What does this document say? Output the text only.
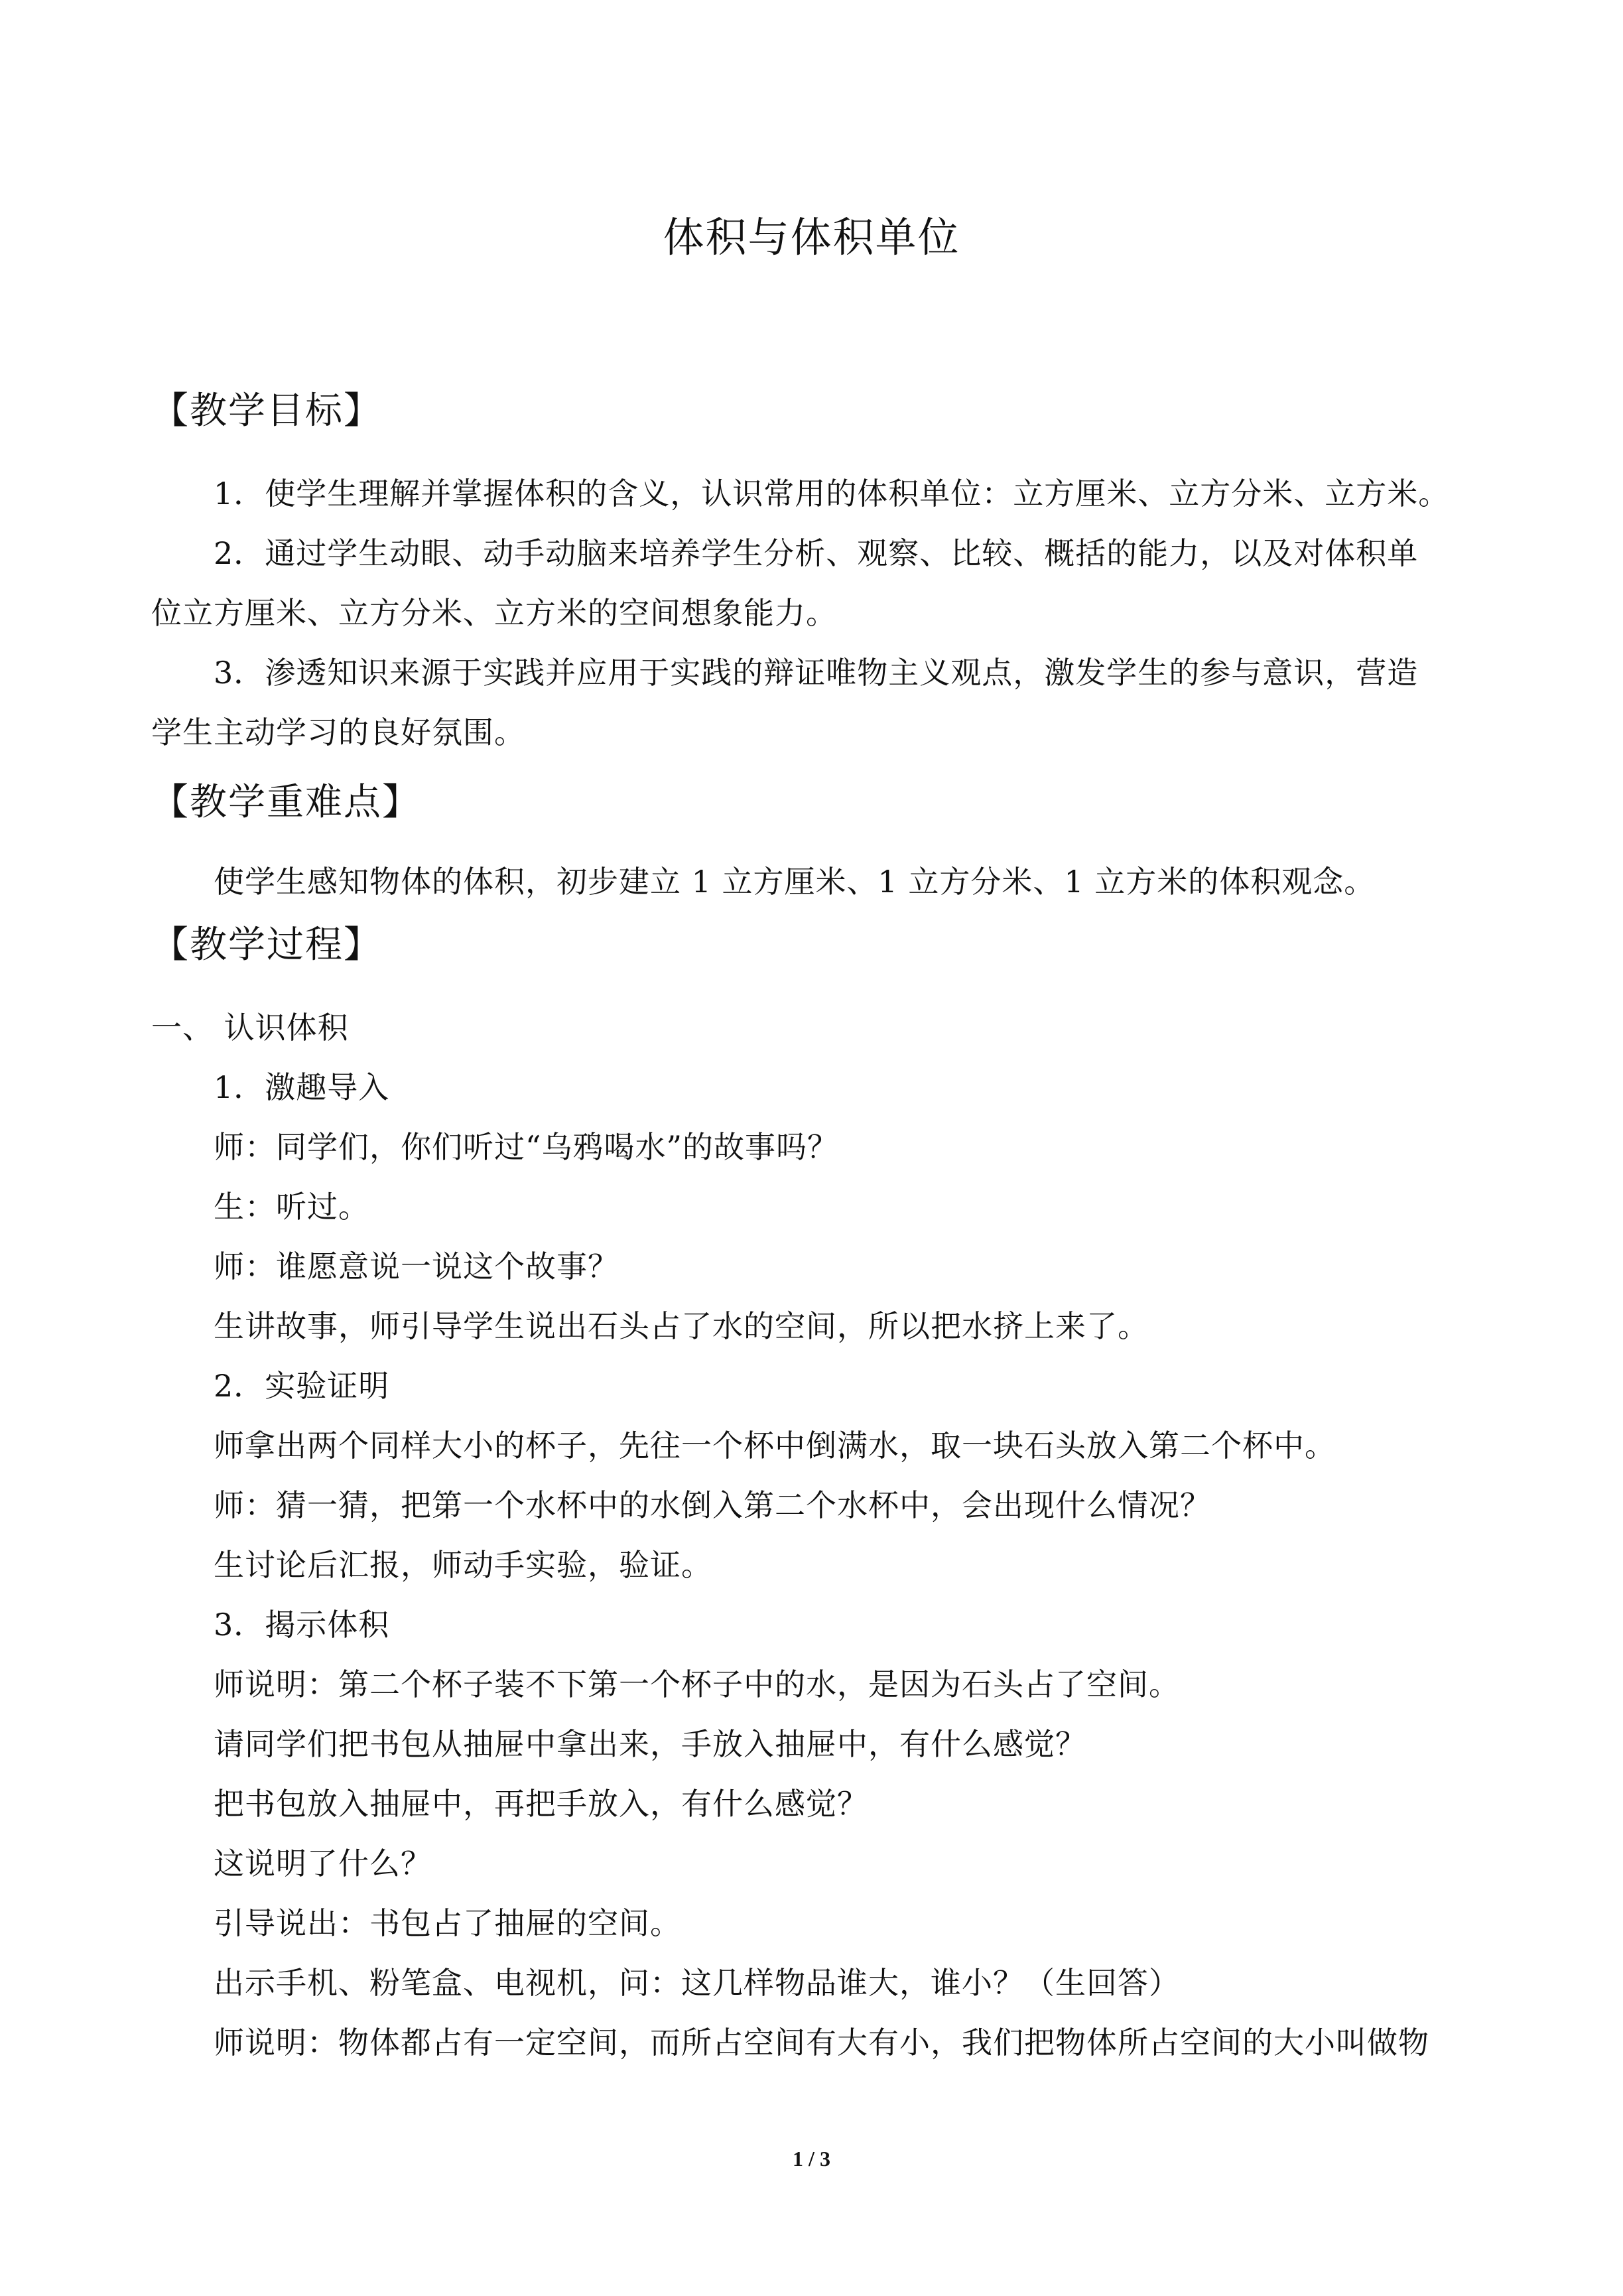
体积与体积单位
【教学目标】
1．使学生理解并掌握体积的含义，认识常用的体积单位：立方厘米、立方分米、立方米。
2．通过学生动眼、动手动脑来培养学生分析、观察、比较、概括的能力，以及对体积单
位立方厘米、立方分米、立方米的空间想象能力。
3．渗透知识来源于实践并应用于实践的辩证唯物主义观点，激发学生的参与意识，营造
学生主动学习的良好氛围。
【教学重难点】
使学生感知物体的体积，初步建立 1 立方厘米、1 立方分米、1 立方米的体积观念。
【教学过程】
一、 认识体积
1．激趣导入
师：同学们，你们听过“乌鸦喝水”的故事吗？
生：听过。
师：谁愿意说一说这个故事？
生讲故事，师引导学生说出石头占了水的空间，所以把水挤上来了。
2．实验证明
师拿出两个同样大小的杯子，先往一个杯中倒满水，取一块石头放入第二个杯中。
师：猜一猜，把第一个水杯中的水倒入第二个水杯中，会出现什么情况？
生讨论后汇报，师动手实验，验证。
3．揭示体积
师说明：第二个杯子装不下第一个杯子中的水，是因为石头占了空间。
请同学们把书包从抽屉中拿出来，手放入抽屉中，有什么感觉？
把书包放入抽屉中，再把手放入，有什么感觉？
这说明了什么？
引导说出：书包占了抽屉的空间。
出示手机、粉笔盒、电视机，问：这几样物品谁大，谁小？（生回答）
师说明：物体都占有一定空间，而所占空间有大有小，我们把物体所占空间的大小叫做物
1 / 3
